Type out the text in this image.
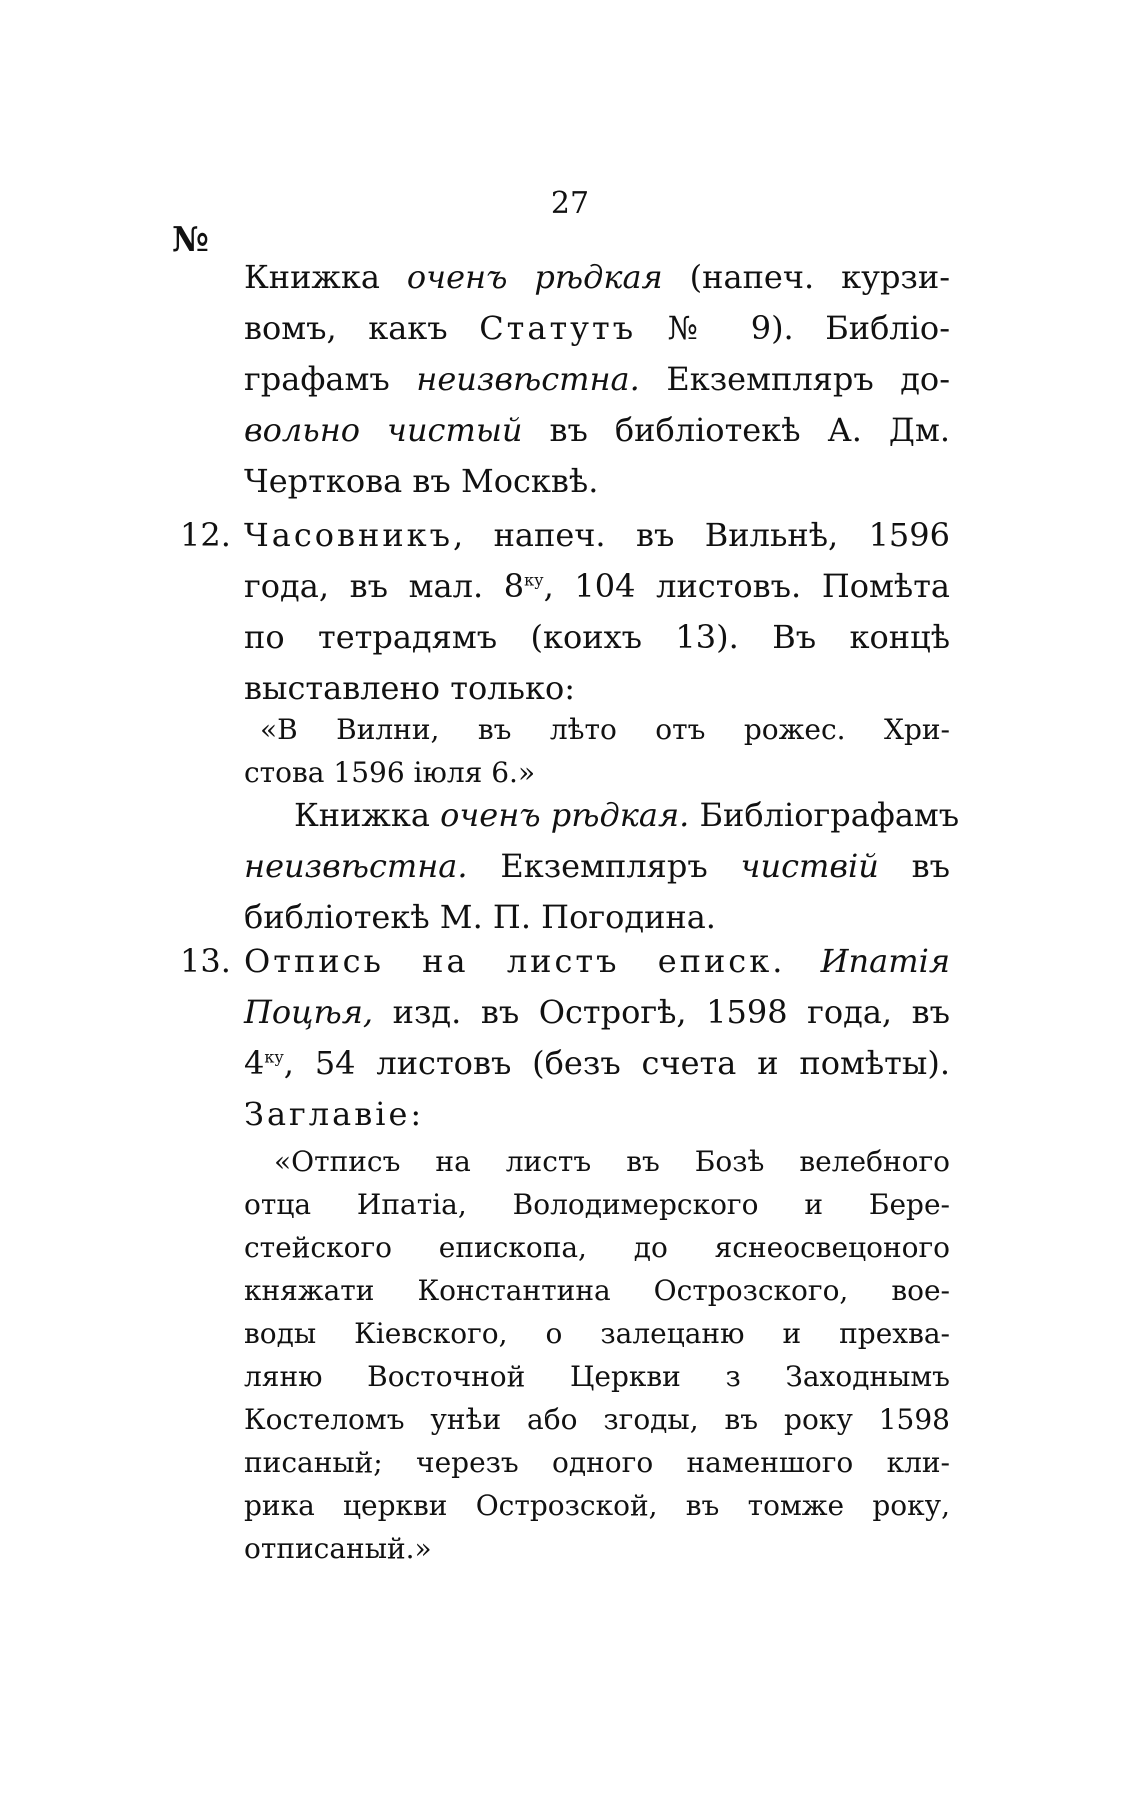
27
№
Книжка оченъ рѣдкая (напеч. курзи-
вомъ, какъ Статутъ № 9). Библіо-
графамъ неизвѣстна. Екземпляръ до-
вольно чистый въ библіотекѣ А. Дм.
Черткова въ Москвѣ.
12. Часовникъ, напеч. въ Вильнѣ, 1596
года, въ мал. $8^{ку}$, 104 листовъ. Помѣта
по тетрадямъ (коихъ 13). Въ концѣ
выставлено только:
«В Вилни, въ лѣто отъ рожес. Хри-
стова 1596 іюля 6.»
Книжка оченъ рѣдкая. Библіографамъ
неизвѣстна. Екземпляръ чиствій въ
библіотекѣ М. П. Погодина.
13. Отпись на листъ еписк. Ипатія
Поцѣя, изд. въ Острогѣ, 1598 года, въ
$4^{ку}$, 54 листовъ (безъ счета и помѣты).
Заглавіе:
«Отписъ на листъ въ Бозѣ велебного
отца Ипатіа, Володимерского и Бере-
стейского епископа, до яснеосвецоного
княжати Константина Острозского, вое-
воды Кіевского, о залецаню и прехва-
ляню Восточной Церкви з Заходнымъ
Костеломъ унѣи або згоды, въ року 1598
писаный; черезъ одного наменшого кли-
рика церкви Острозской, въ томже року,
отписаный.»
